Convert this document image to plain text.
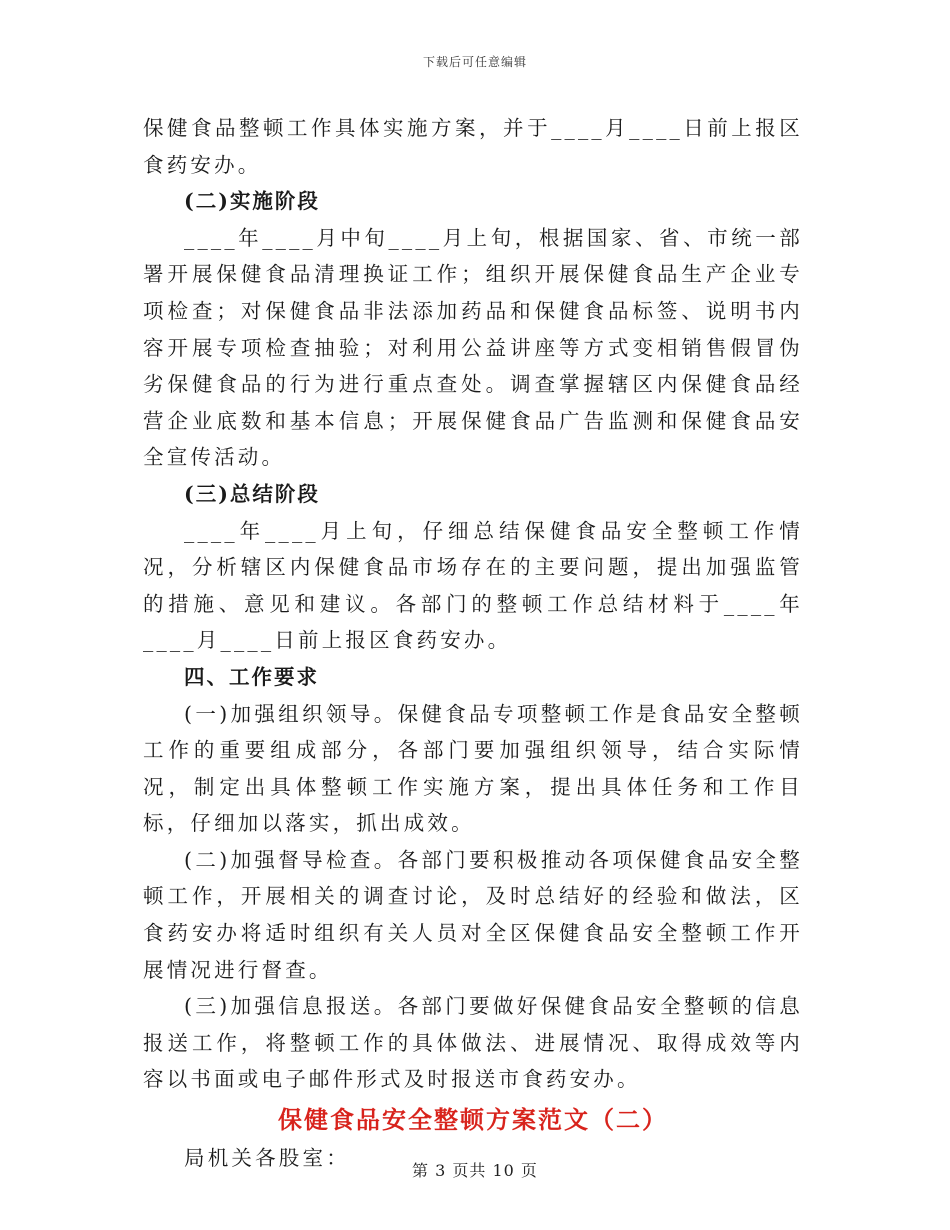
下载后可任意编辑

保健食品整顿工作具体实施方案，并于____月____日前上报区食药安办。

(二)实施阶段

____年____月中旬____月上旬，根据国家、省、市统一部署开展保健食品清理换证工作；组织开展保健食品生产企业专项检查；对保健食品非法添加药品和保健食品标签、说明书内容开展专项检查抽验；对利用公益讲座等方式变相销售假冒伪劣保健食品的行为进行重点查处。调查掌握辖区内保健食品经营企业底数和基本信息；开展保健食品广告监测和保健食品安全宣传活动。

(三)总结阶段

____年____月上旬，仔细总结保健食品安全整顿工作情况，分析辖区内保健食品市场存在的主要问题，提出加强监管的措施、意见和建议。各部门的整顿工作总结材料于____年____月____日前上报区食药安办。

四、工作要求

(一)加强组织领导。保健食品专项整顿工作是食品安全整顿工作的重要组成部分，各部门要加强组织领导，结合实际情况，制定出具体整顿工作实施方案，提出具体任务和工作目标，仔细加以落实，抓出成效。

(二)加强督导检查。各部门要积极推动各项保健食品安全整顿工作，开展相关的调查讨论，及时总结好的经验和做法，区食药安办将适时组织有关人员对全区保健食品安全整顿工作开展情况进行督查。

(三)加强信息报送。各部门要做好保健食品安全整顿的信息报送工作，将整顿工作的具体做法、进展情况、取得成效等内容以书面或电子邮件形式及时报送市食药安办。

保健食品安全整顿方案范文（二）

局机关各股室：

第 3 页共 10 页
